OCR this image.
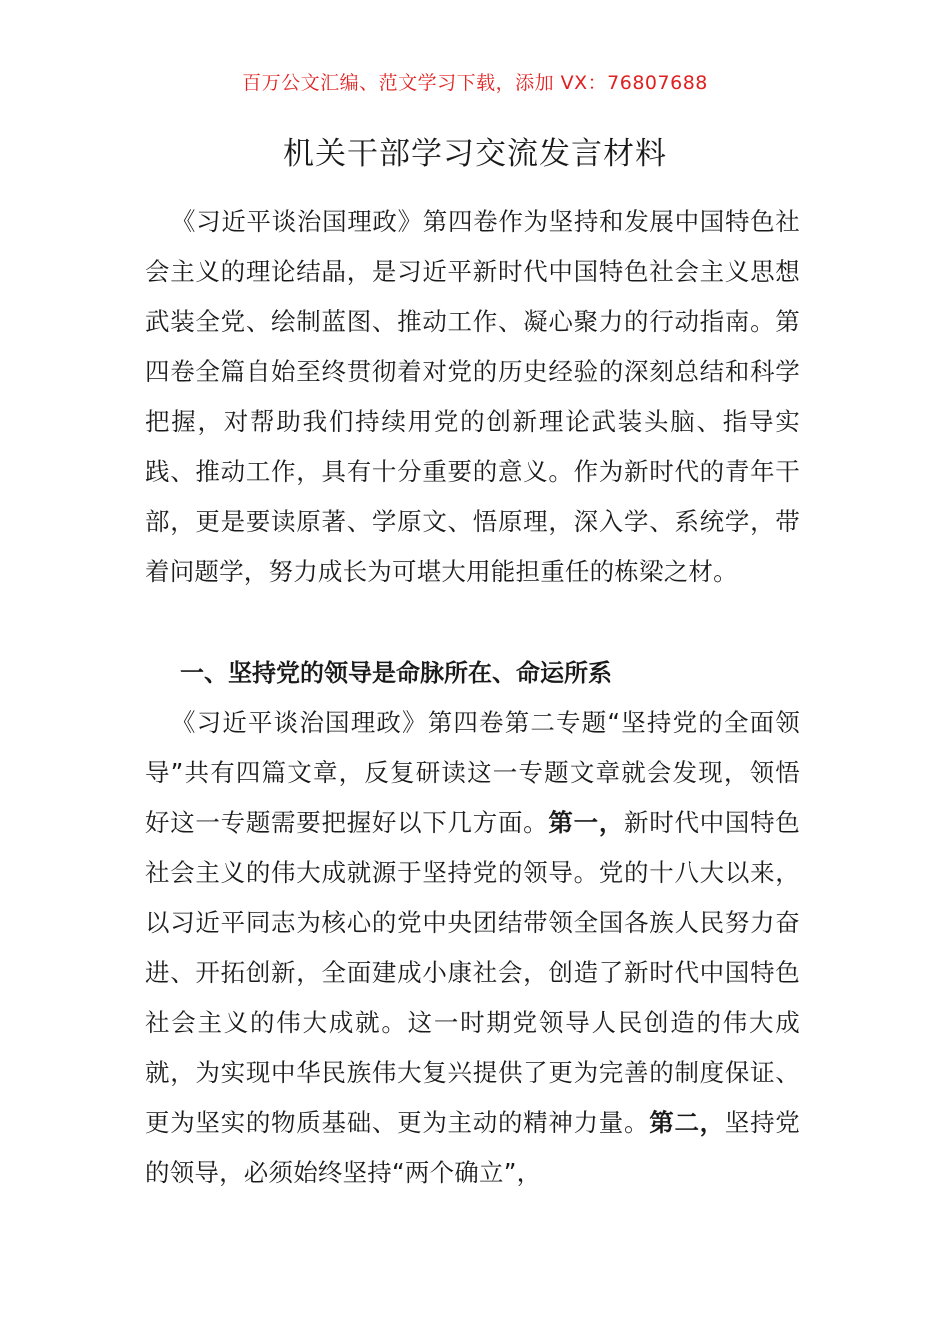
百万公文汇编、范文学习下载，添加 VX：76807688
机关干部学习交流发言材料
《习近平谈治国理政》第四卷作为坚持和发展中国特色社会主义的理论结晶，是习近平新时代中国特色社会主义思想武装全党、绘制蓝图、推动工作、凝心聚力的行动指南。第四卷全篇自始至终贯彻着对党的历史经验的深刻总结和科学把握，对帮助我们持续用党的创新理论武装头脑、指导实践、推动工作，具有十分重要的意义。作为新时代的青年干部，更是要读原著、学原文、悟原理，深入学、系统学，带着问题学，努力成长为可堪大用能担重任的栋梁之材。
一、坚持党的领导是命脉所在、命运所系
《习近平谈治国理政》第四卷第二专题“坚持党的全面领导”共有四篇文章，反复研读这一专题文章就会发现，领悟好这一专题需要把握好以下几方面。第一，新时代中国特色社会主义的伟大成就源于坚持党的领导。党的十八大以来，以习近平同志为核心的党中央团结带领全国各族人民努力奋进、开拓创新，全面建成小康社会，创造了新时代中国特色社会主义的伟大成就。这一时期党领导人民创造的伟大成就，为实现中华民族伟大复兴提供了更为完善的制度保证、更为坚实的物质基础、更为主动的精神力量。第二，坚持党的领导，必须始终坚持“两个确立”，
